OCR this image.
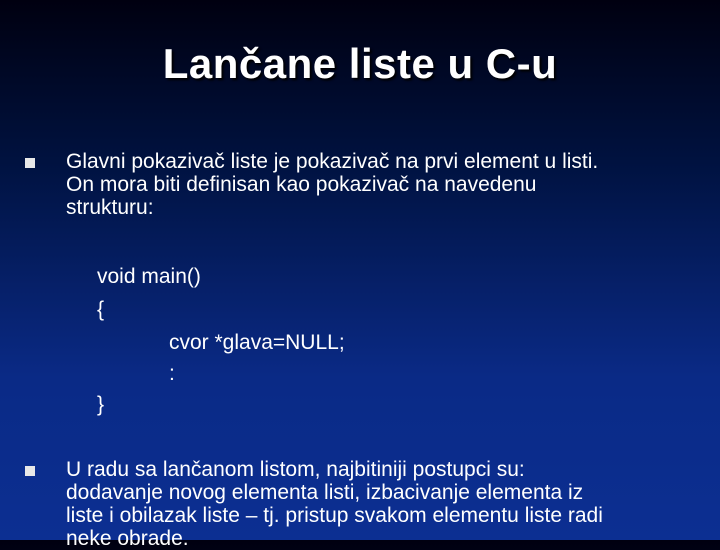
Lančane liste u C-u
Glavni pokazivač liste je pokazivač na prvi element u listi.
On mora biti definisan kao pokazivač na navedenu
strukturu:
void main()
{
cvor *glava=NULL;
:
}
U radu sa lančanom listom, najbitiniji postupci su:
dodavanje novog elementa listi, izbacivanje elementa iz
liste i obilazak liste – tj. pristup svakom elementu liste radi
neke obrade.
